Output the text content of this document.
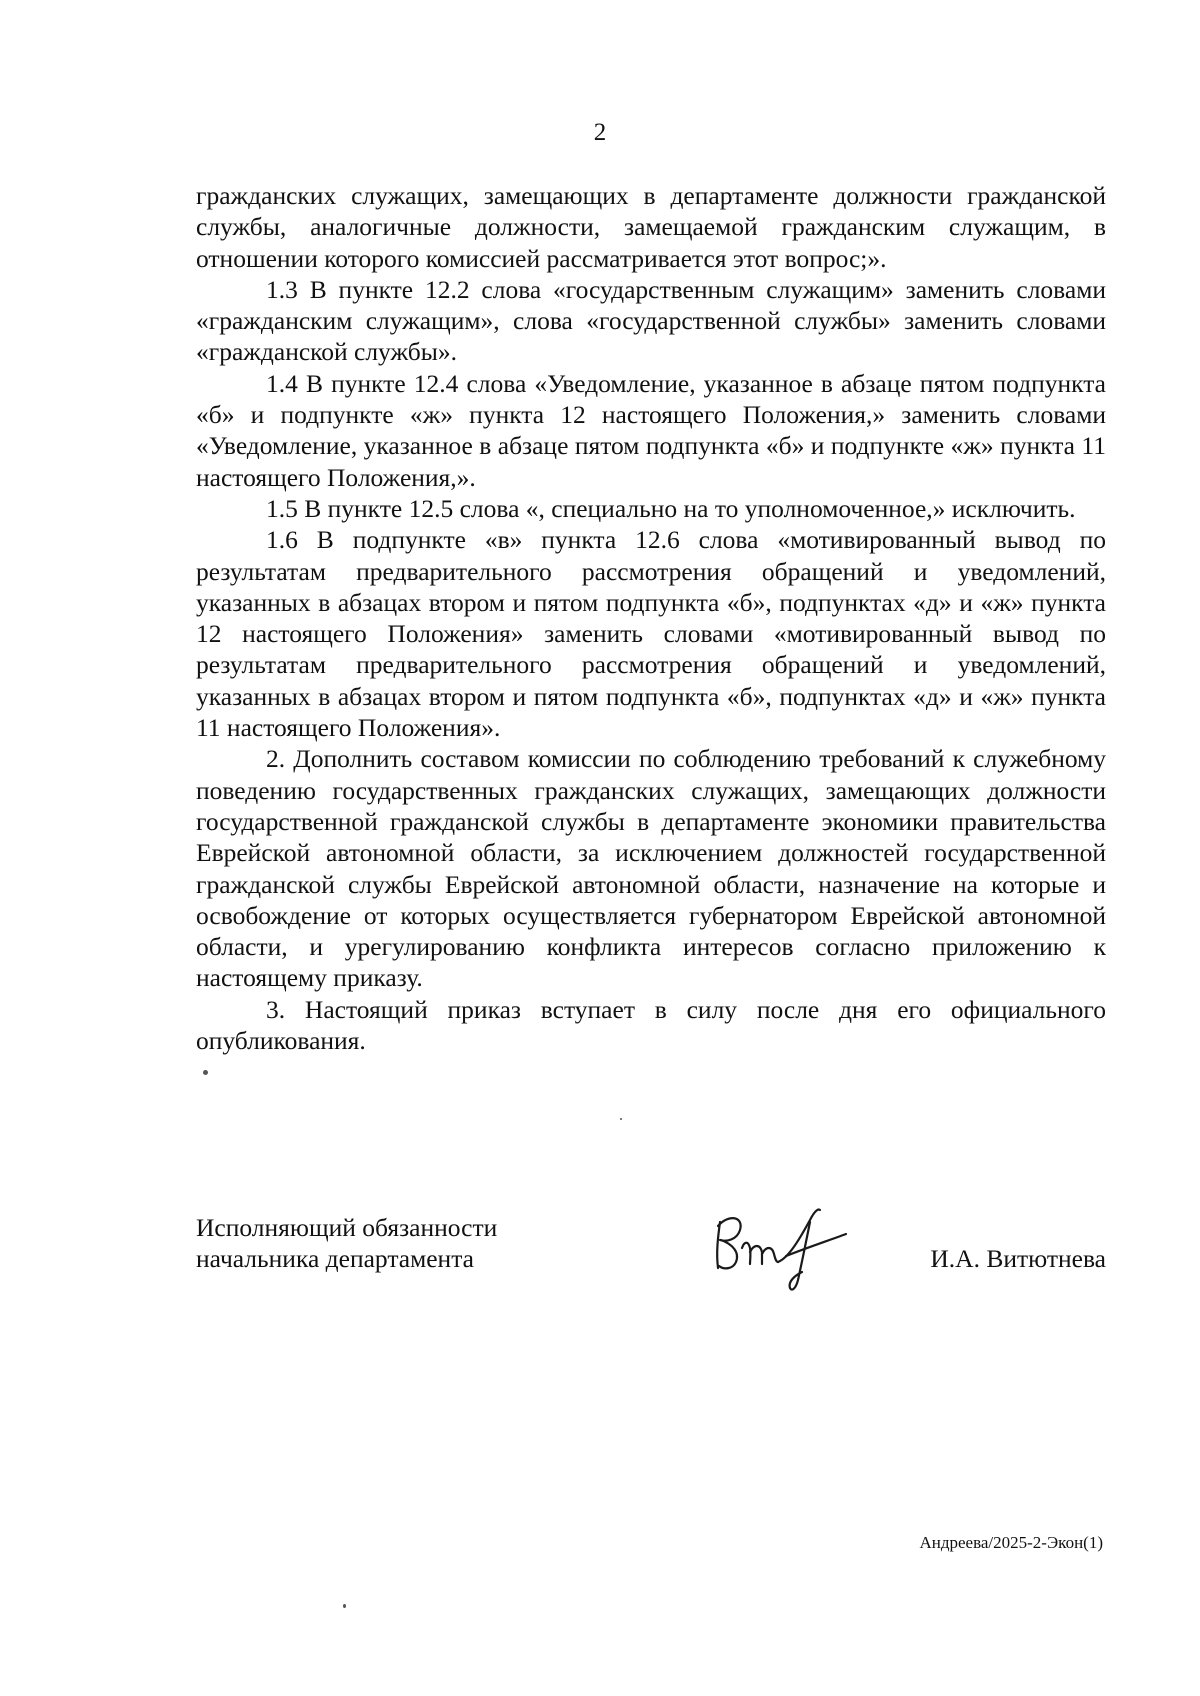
2

гражданских служащих, замещающих в департаменте должности гражданской службы, аналогичные должности, замещаемой гражданским служащим, в отношении которого комиссией рассматривается этот вопрос;».

1.3 В пункте 12.2 слова «государственным служащим» заменить словами «гражданским служащим», слова «государственной службы» заменить словами «гражданской службы».

1.4 В пункте 12.4 слова «Уведомление, указанное в абзаце пятом подпункта «б» и подпункте «ж» пункта 12 настоящего Положения,» заменить словами «Уведомление, указанное в абзаце пятом подпункта «б» и подпункте «ж» пункта 11 настоящего Положения,».

1.5 В пункте 12.5 слова «, специально на то уполномоченное,» исключить.

1.6 В подпункте «в» пункта 12.6 слова «мотивированный вывод по результатам предварительного рассмотрения обращений и уведомлений, указанных в абзацах втором и пятом подпункта «б», подпунктах «д» и «ж» пункта 12 настоящего Положения» заменить словами «мотивированный вывод по результатам предварительного рассмотрения обращений и уведомлений, указанных в абзацах втором и пятом подпункта «б», подпунктах «д» и «ж» пункта 11 настоящего Положения».

2. Дополнить составом комиссии по соблюдению требований к служебному поведению государственных гражданских служащих, замещающих должности государственной гражданской службы в департаменте экономики правительства Еврейской автономной области, за исключением должностей государственной гражданской службы Еврейской автономной области, назначение на которые и освобождение от которых осуществляется губернатором Еврейской автономной области, и урегулированию конфликта интересов согласно приложению к настоящему приказу.

3. Настоящий приказ вступает в силу после дня его официального опубликования.

Исполняющий обязанности
начальника департамента	И.А. Витютнева
Андреева/2025-2-Экон(1)
